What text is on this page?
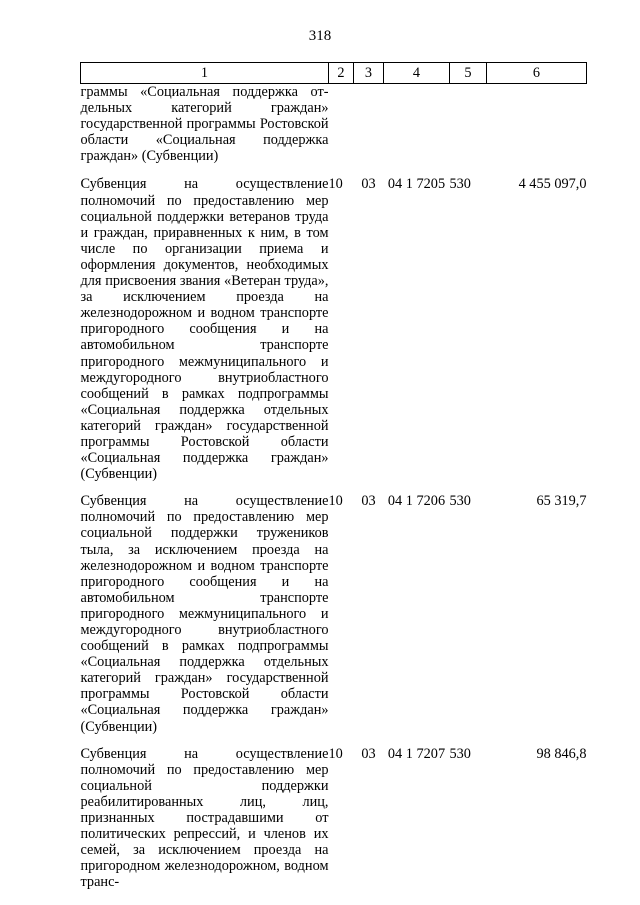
318
1	2	3	4	5	6
граммы «Социальная поддержка от-дельных категорий граждан» государственной программы Ростовской области «Социальная поддержка граждан» (Субвенции)					
Субвенция на осуществление полномочий по предоставлению мер социальной поддержки ветеранов труда и граждан, приравненных к ним, в том числе по организации приема и оформления документов, необходимых для присвоения звания «Ветеран труда», за исключением проезда на железнодорожном и водном транспорте пригородного сообщения и на автомобильном транспорте пригородного межмуниципального и междугородного внутриобластного сообщений в рамках подпрограммы «Социальная поддержка отдельных категорий граждан» государственной программы Ростовской области «Социальная поддержка граждан» (Субвенции)	10	03	04 1 7205	530	4 455 097,0
Субвенция на осуществление полномочий по предоставлению мер социальной поддержки тружеников тыла, за исключением проезда на железнодорожном и водном транспорте пригородного сообщения и на автомобильном транспорте пригородного межмуниципального и междугородного внутриобластного сообщений в рамках подпрограммы «Социальная поддержка отдельных категорий граждан» государственной программы Ростовской области «Социальная поддержка граждан» (Субвенции)	10	03	04 1 7206	530	65 319,7
Субвенция на осуществление полномочий по предоставлению мер социальной поддержки реабилитированных лиц, лиц, признанных пострадавшими от политических репрессий, и членов их семей, за исключением проезда на пригородном железнодорожном, водном транс-	10	03	04 1 7207	530	98 846,8
